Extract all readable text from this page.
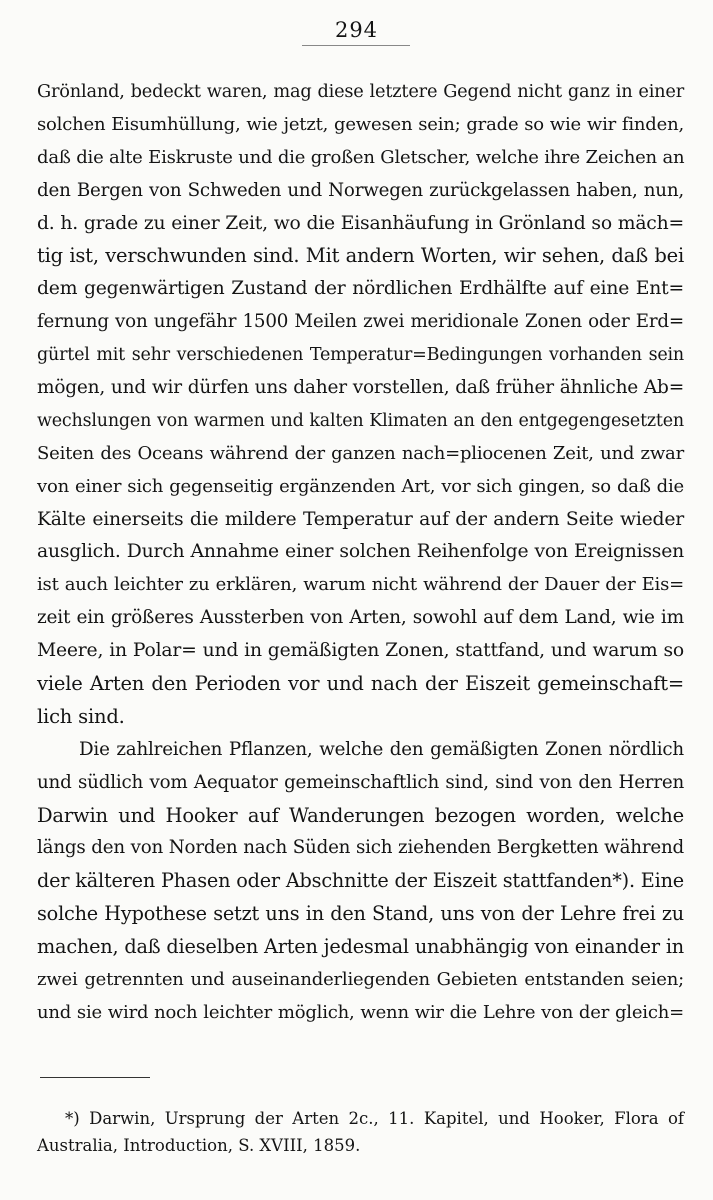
294
Grönland, bedeckt waren, mag diese letztere Gegend nicht ganz in einer
solchen Eisumhüllung, wie jetzt, gewesen sein; grade so wie wir finden,
daß die alte Eiskruste und die großen Gletscher, welche ihre Zeichen an
den Bergen von Schweden und Norwegen zurückgelassen haben, nun,
d. h. grade zu einer Zeit, wo die Eisanhäufung in Grönland so mäch=
tig ist, verschwunden sind. Mit andern Worten, wir sehen, daß bei
dem gegenwärtigen Zustand der nördlichen Erdhälfte auf eine Ent=
fernung von ungefähr 1500 Meilen zwei meridionale Zonen oder Erd=
gürtel mit sehr verschiedenen Temperatur=Bedingungen vorhanden sein
mögen, und wir dürfen uns daher vorstellen, daß früher ähnliche Ab=
wechslungen von warmen und kalten Klimaten an den entgegengesetzten
Seiten des Oceans während der ganzen nach=pliocenen Zeit, und zwar
von einer sich gegenseitig ergänzenden Art, vor sich gingen, so daß die
Kälte einerseits die mildere Temperatur auf der andern Seite wieder
ausglich. Durch Annahme einer solchen Reihenfolge von Ereignissen
ist auch leichter zu erklären, warum nicht während der Dauer der Eis=
zeit ein größeres Aussterben von Arten, sowohl auf dem Land, wie im
Meere, in Polar= und in gemäßigten Zonen, stattfand, und warum so
viele Arten den Perioden vor und nach der Eiszeit gemeinschaft=
lich sind.
Die zahlreichen Pflanzen, welche den gemäßigten Zonen nördlich
und südlich vom Aequator gemeinschaftlich sind, sind von den Herren
Darwin und Hooker auf Wanderungen bezogen worden, welche
längs den von Norden nach Süden sich ziehenden Bergketten während
der kälteren Phasen oder Abschnitte der Eiszeit stattfanden*). Eine
solche Hypothese setzt uns in den Stand, uns von der Lehre frei zu
machen, daß dieselben Arten jedesmal unabhängig von einander in
zwei getrennten und auseinanderliegenden Gebieten entstanden seien;
und sie wird noch leichter möglich, wenn wir die Lehre von der gleich=
*) Darwin, Ursprung der Arten 2c., 11. Kapitel, und Hooker, Flora of
Australia, Introduction, S. XVIII, 1859.
